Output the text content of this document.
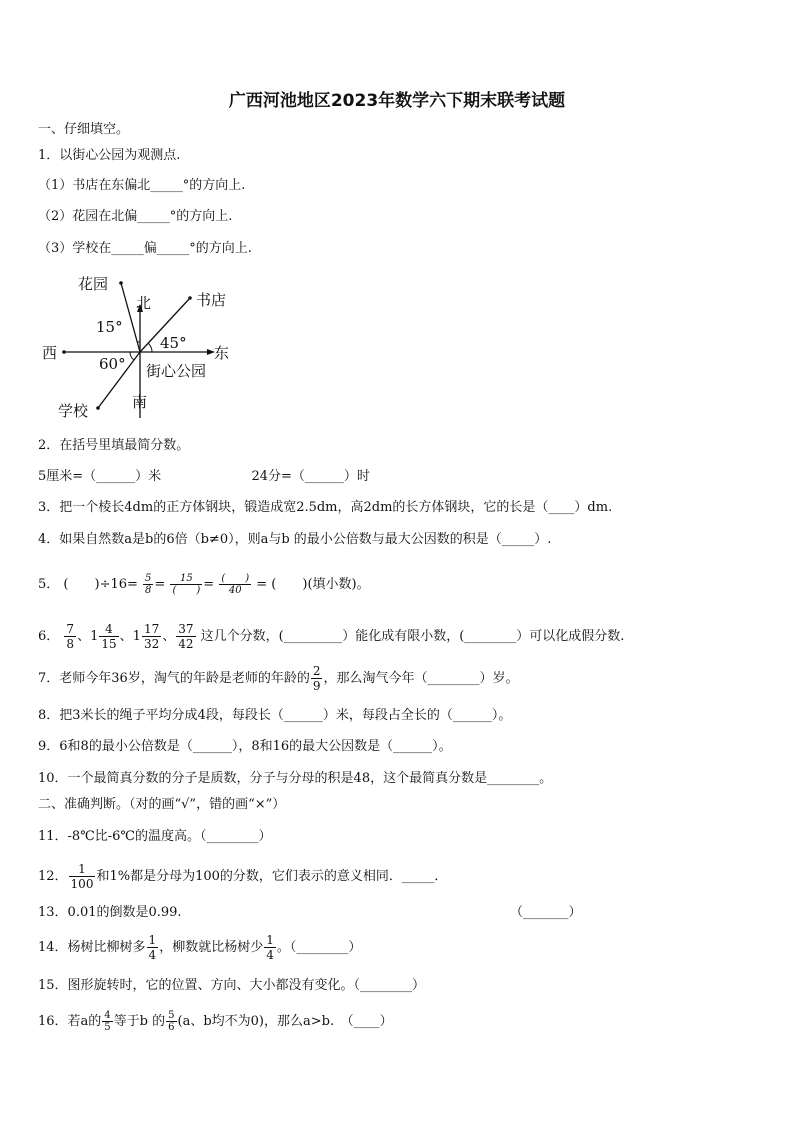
广西河池地区2023年数学六下期末联考试题
一、仔细填空。
1．以街心公园为观测点.
（1）书店在东偏北_____°的方向上.
（2）花园在北偏_____°的方向上.
（3）学校在_____偏_____°的方向上.
花园
北	书店
15°
45°
西	东
60° 街心公园
南
学校
2．在括号里填最简分数。
5厘米=（______）米	24分=（______）时
3．把一个棱长4dm的正方体钢块，锻造成宽2.5dm，高2dm的长方体钢块，它的长是（____）dm.
4．如果自然数a是b的6倍（b≠0），则a与b 的最小公倍数与最大公因数的积是（_____）.
5． (　　)$\div 16= \frac{5}{8} = \frac{15}{( )} = \frac{( )}{40}$ = (　　)(填小数)。
6． $\frac{7}{8}$ 、$1 \frac{4}{15}$ 、$1 \frac{17}{32}$ 、 $\frac{37}{42}$ 这几个分数，(_________）能化成有限小数，(________）可以化成假分数.
7．老师今年36岁，淘气的年龄是老师的年龄的 $\frac{2}{9}$ ，那么淘气今年（________）岁。
8．把3米长的绳子平均分成4段，每段长（______）米，每段占全长的（______）。
9．6和8的最小公倍数是（______），8和16的最大公因数是（______）。
10．一个最简真分数的分子是质数，分子与分母的积是48，这个最简真分数是________。
二、准确判断。（对的画“√”，错的画“×”）
11．-8℃比-6℃的温度高。（________）
12． $\frac{1}{100}$ 和1%都是分母为100的分数，它们表示的意义相同．_____．
13．0.01的倒数是0.99.	（_______）
14．杨树比柳树多 $\frac{1}{4}$ ，柳数就比杨树少 $\frac{1}{4}$ 。（________）
15．图形旋转时，它的位置、方向、大小都没有变化。（________）
16．若a的 $\frac{4}{5}$ 等于b 的 $\frac{5}{6} (a$、b均不为0)，那么a>b.　（____）
